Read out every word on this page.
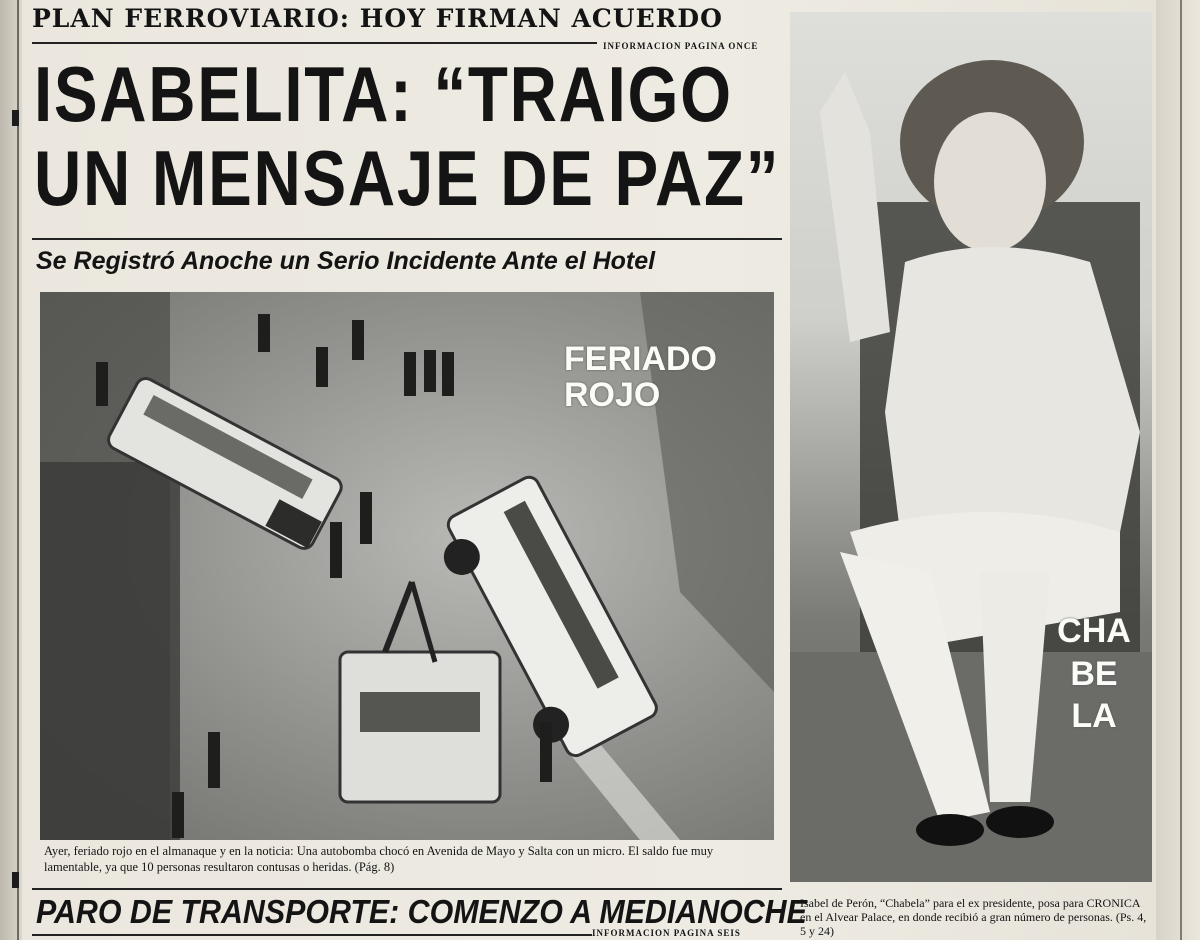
PLAN FERROVIARIO: HOY FIRMAN ACUERDO
INFORMACION PAGINA ONCE
ISABELITA: “TRAIGO
UN MENSAJE DE PAZ”
Se Registró Anoche un Serio Incidente Ante el Hotel
FERIADO
ROJO
CHA
BE
LA
Ayer, feriado rojo en el almanaque y en la noticia: Una autobomba chocó en Avenida de Mayo y Salta con un micro. El saldo fue muy lamentable, ya que 10 personas resultaron contusas o heridas. (Pág. 8)
Isabel de Perón, “Chabela” para el ex presidente, posa para CRONICA en el Alvear Palace, en donde recibió a gran número de personas. (Ps. 4, 5 y 24)
PARO DE TRANSPORTE: COMENZO A MEDIANOCHE
INFORMACION PAGINA SEIS
